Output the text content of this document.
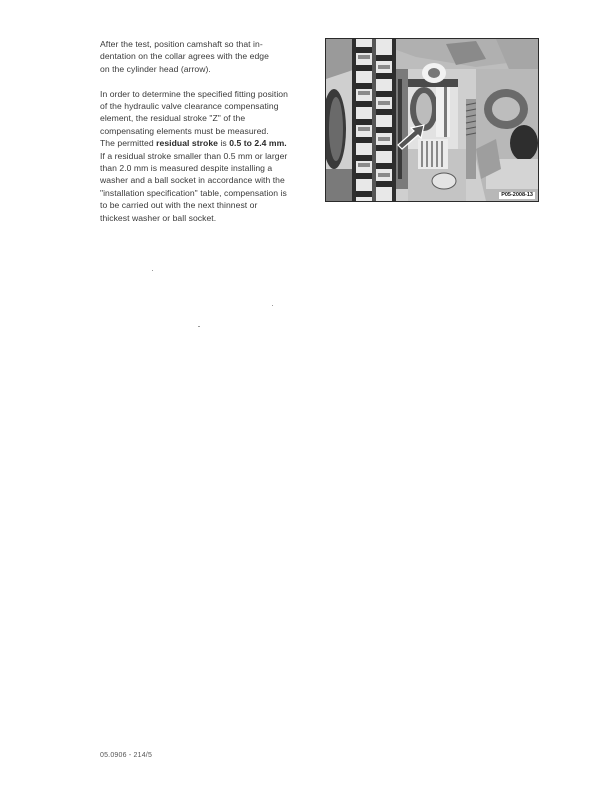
After the test, position camshaft so that in-
dentation on the collar agrees with the edge
on the cylinder head (arrow).

In order to determine the specified fitting position
of the hydraulic valve clearance compensating
element, the residual stroke "Z" of the
compensating elements must be measured.
The permitted residual stroke is 0.5 to 2.4 mm.
If a residual stroke smaller than 0.5 mm or larger
than 2.0 mm is measured despite installing a
washer and a ball socket in accordance with the
"installation specification" table, compensation is
to be carried out with the next thinnest or
thickest washer or ball socket.

P05-2008-13
05.0906 - 214/5
